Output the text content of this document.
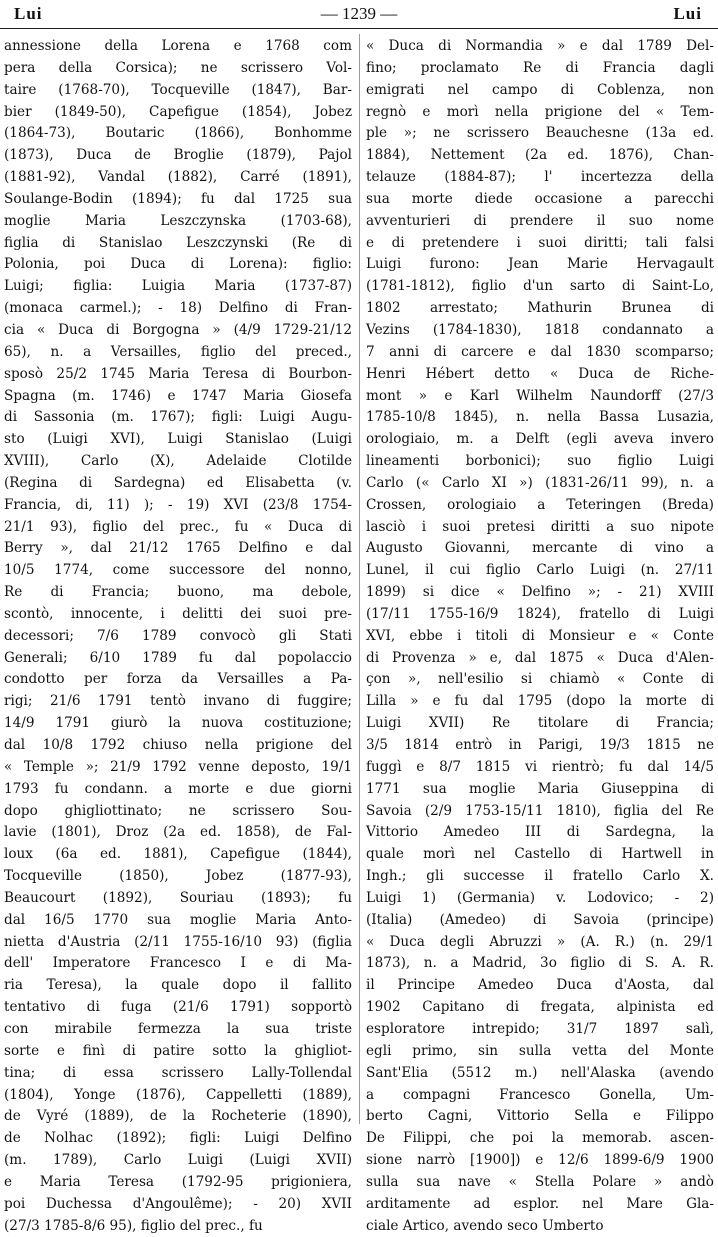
Lui	— 1239 —	Lui
annessione della Lorena e 1768 com
pera della Corsica); ne scrissero Vol-
taire (1768-70), Tocqueville (1847), Bar-
bier (1849-50), Capefigue (1854), Jobez
(1864-73), Boutaric (1866), Bonhomme
(1873), Duca de Broglie (1879), Pajol
(1881-92), Vandal (1882), Carré (1891),
Soulange-Bodin (1894); fu dal 1725 sua
moglie Maria Leszczynska (1703-68),
figlia di Stanislao Leszczynski (Re di
Polonia, poi Duca di Lorena): figlio:
Luigi; figlia: Luigia Maria (1737-87)
(monaca carmel.); - 18) Delfino di Fran-
cia « Duca di Borgogna » (4/9 1729-21/12
65), n. a Versailles, figlio del preced.,
sposò 25/2 1745 Maria Teresa di Bourbon-
Spagna (m. 1746) e 1747 Maria Giosefa
di Sassonia (m. 1767); figli: Luigi Augu-
sto (Luigi XVI), Luigi Stanislao (Luigi
XVIII), Carlo (X), Adelaide Clotilde
(Regina di Sardegna) ed Elisabetta (v.
Francia, di, 11) ); - 19) XVI (23/8 1754-
21/1 93), figlio del prec., fu « Duca di
Berry », dal 21/12 1765 Delfino e dal
10/5 1774, come successore del nonno,
Re di Francia; buono, ma debole,
scontò, innocente, i delitti dei suoi pre-
decessori; 7/6 1789 convocò gli Stati
Generali; 6/10 1789 fu dal popolaccio
condotto per forza da Versailles a Pa-
rigi; 21/6 1791 tentò invano di fuggire;
14/9 1791 giurò la nuova costituzione;
dal 10/8 1792 chiuso nella prigione del
« Temple »; 21/9 1792 venne deposto, 19/1
1793 fu condann. a morte e due giorni
dopo ghigliottinato; ne scrissero Sou-
lavie (1801), Droz (2a ed. 1858), de Fal-
loux (6a ed. 1881), Capefigue (1844),
Tocqueville (1850), Jobez (1877-93),
Beaucourt (1892), Souriau (1893); fu
dal 16/5 1770 sua moglie Maria Anto-
nietta d'Austria (2/11 1755-16/10 93) (figlia
dell' Imperatore Francesco I e di Ma-
ria Teresa), la quale dopo il fallito
tentativo di fuga (21/6 1791) sopportò
con mirabile fermezza la sua triste
sorte e finì di patire sotto la ghigliot-
tina; di essa scrissero Lally-Tollendal
(1804), Yonge (1876), Cappelletti (1889),
de Vyré (1889), de la Rocheterie (1890),
de Nolhac (1892); figli: Luigi Delfino
(m. 1789), Carlo Luigi (Luigi XVII)
e Maria Teresa (1792-95 prigioniera,
poi Duchessa d'Angoulême); - 20) XVII
(27/3 1785-8/6 95), figlio del prec., fu
« Duca di Normandia » e dal 1789 Del-
fino; proclamato Re di Francia dagli
emigrati nel campo di Coblenza, non
regnò e morì nella prigione del « Tem-
ple »; ne scrissero Beauchesne (13a ed.
1884), Nettement (2a ed. 1876), Chan-
telauze (1884-87); l' incertezza della
sua morte diede occasione a parecchi
avventurieri di prendere il suo nome
e di pretendere i suoi diritti; tali falsi
Luigi furono: Jean Marie Hervagault
(1781-1812), figlio d'un sarto di Saint-Lo,
1802 arrestato; Mathurin Brunea di
Vezins (1784-1830), 1818 condannato a
7 anni di carcere e dal 1830 scomparso;
Henri Hébert detto « Duca de Riche-
mont » e Karl Wilhelm Naundorff (27/3
1785-10/8 1845), n. nella Bassa Lusazia,
orologiaio, m. a Delft (egli aveva invero
lineamenti borbonici); suo figlio Luigi
Carlo (« Carlo XI ») (1831-26/11 99), n. a
Crossen, orologiaio a Teteringen (Breda)
lasciò i suoi pretesi diritti a suo nipote
Augusto Giovanni, mercante di vino a
Lunel, il cui figlio Carlo Luigi (n. 27/11
1899) si dice « Delfino »; - 21) XVIII
(17/11 1755-16/9 1824), fratello di Luigi
XVI, ebbe i titoli di Monsieur e « Conte
di Provenza » e, dal 1875 « Duca d'Alen-
çon », nell'esilio si chiamò « Conte di
Lilla » e fu dal 1795 (dopo la morte di
Luigi XVII) Re titolare di Francia;
3/5 1814 entrò in Parigi, 19/3 1815 ne
fuggì e 8/7 1815 vi rientrò; fu dal 14/5
1771 sua moglie Maria Giuseppina di
Savoia (2/9 1753-15/11 1810), figlia del Re
Vittorio Amedeo III di Sardegna, la
quale morì nel Castello di Hartwell in
Ingh.; gli successe il fratello Carlo X.
Luigi 1) (Germania) v. Lodovico; - 2)
(Italia) (Amedeo) di Savoia (principe)
« Duca degli Abruzzi » (A. R.) (n. 29/1
1873), n. a Madrid, 3o figlio di S. A. R.
il Principe Amedeo Duca d'Aosta, dal
1902 Capitano di fregata, alpinista ed
esploratore intrepido; 31/7 1897 salì,
egli primo, sin sulla vetta del Monte
Sant'Elia (5512 m.) nell'Alaska (avendo
a compagni Francesco Gonella, Um-
berto Cagni, Vittorio Sella e Filippo
De Filippi, che poi la memorab. ascen-
sione narrò [1900]) e 12/6 1899-6/9 1900
sulla sua nave « Stella Polare » andò
arditamente ad esplor. nel Mare Gla-
ciale Artico, avendo seco Umberto
